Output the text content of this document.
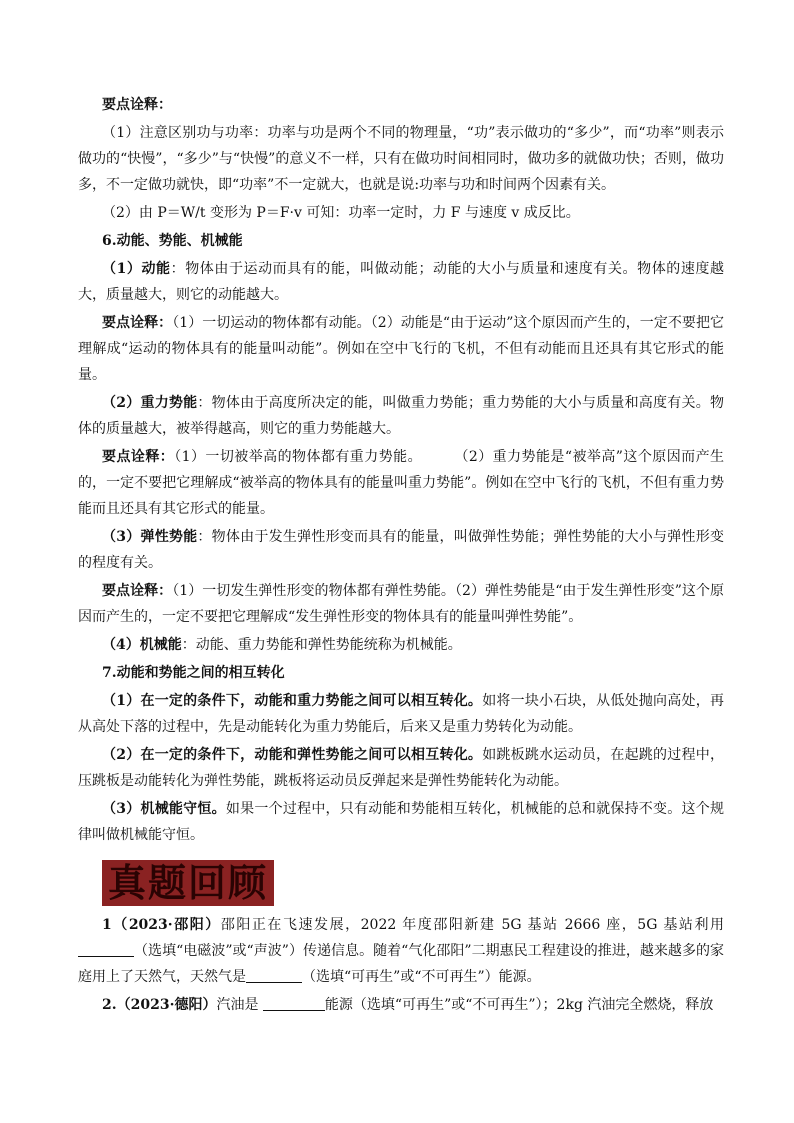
要点诠释：

（1）注意区别功与功率：功率与功是两个不同的物理量，“功”表示做功的“多少”，而“功率”则表示做功的“快慢”，“多少”与“快慢”的意义不一样，只有在做功时间相同时，做功多的就做功快；否则，做功多，不一定做功就快，即“功率”不一定就大，也就是说:功率与功和时间两个因素有关。

（2）由 P＝W/t 变形为 P＝F·v 可知：功率一定时，力 F 与速度 v 成反比。

6.动能、势能、机械能

（1）动能：物体由于运动而具有的能，叫做动能；动能的大小与质量和速度有关。物体的速度越大，质量越大，则它的动能越大。

要点诠释：（1）一切运动的物体都有动能。（2）动能是“由于运动”这个原因而产生的，一定不要把它理解成“运动的物体具有的能量叫动能”。例如在空中飞行的飞机，不但有动能而且还具有其它形式的能量。

（2）重力势能：物体由于高度所决定的能，叫做重力势能；重力势能的大小与质量和高度有关。物体的质量越大，被举得越高，则它的重力势能越大。

要点诠释：（1）一切被举高的物体都有重力势能。 （2）重力势能是“被举高”这个原因而产生的，一定不要把它理解成“被举高的物体具有的能量叫重力势能”。例如在空中飞行的飞机，不但有重力势能而且还具有其它形式的能量。

（3）弹性势能：物体由于发生弹性形变而具有的能量，叫做弹性势能；弹性势能的大小与弹性形变的程度有关。

要点诠释：（1）一切发生弹性形变的物体都有弹性势能。（2）弹性势能是“由于发生弹性形变”这个原因而产生的，一定不要把它理解成“发生弹性形变的物体具有的能量叫弹性势能”。

（4）机械能：动能、重力势能和弹性势能统称为机械能。

7.动能和势能之间的相互转化

（1）在一定的条件下，动能和重力势能之间可以相互转化。如将一块小石块，从低处抛向高处，再从高处下落的过程中，先是动能转化为重力势能后，后来又是重力势转化为动能。

（2）在一定的条件下，动能和弹性势能之间可以相互转化。如跳板跳水运动员，在起跳的过程中，压跳板是动能转化为弹性势能，跳板将运动员反弹起来是弹性势能转化为动能。

（3）机械能守恒。如果一个过程中，只有动能和势能相互转化，机械能的总和就保持不变。这个规律叫做机械能守恒。

真题回顾

1（2023·邵阳）邵阳正在飞速发展，2022 年度邵阳新建 5G 基站 2666 座，5G 基站利用（选填“电磁波”或“声波”）传递信息。随着“气化邵阳”二期惠民工程建设的推进，越来越多的家庭用上了天然气，天然气是	（选填“可再生”或“不可再生”）能源。

2.（2023·德阳）汽油是	能源（选填“可再生”或“不可再生”）；2kg 汽油完全燃烧，释放
